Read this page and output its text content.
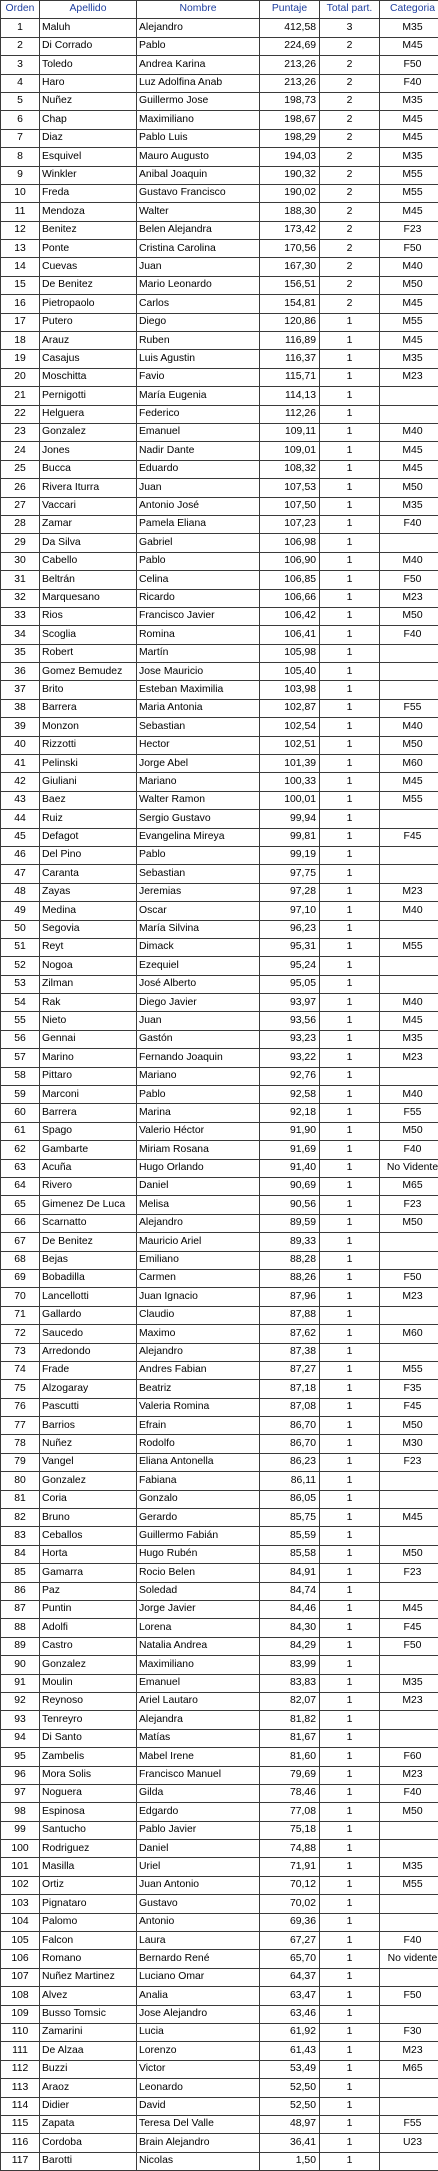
Orden	Apellido	Nombre	Puntaje	Total part.	Categoria
1	Maluh	Alejandro	412,58	3	M35
2	Di Corrado	Pablo	224,69	2	M45
3	Toledo	Andrea Karina	213,26	2	F50
4	Haro	Luz Adolfina Anab	213,26	2	F40
5	Nuñez	Guillermo Jose	198,73	2	M35
6	Chap	Maximiliano	198,67	2	M45
7	Diaz	Pablo Luis	198,29	2	M45
8	Esquivel	Mauro Augusto	194,03	2	M35
9	Winkler	Anibal Joaquin	190,32	2	M55
10	Freda	Gustavo Francisco	190,02	2	M55
11	Mendoza	Walter	188,30	2	M45
12	Benitez	Belen Alejandra	173,42	2	F23
13	Ponte	Cristina Carolina	170,56	2	F50
14	Cuevas	Juan	167,30	2	M40
15	De Benitez	Mario Leonardo	156,51	2	M50
16	Pietropaolo	Carlos	154,81	2	M45
17	Putero	Diego	120,86	1	M55
18	Arauz	Ruben	116,89	1	M45
19	Casajus	Luis Agustin	116,37	1	M35
20	Moschitta	Favio	115,71	1	M23
21	Pernigotti	María Eugenia	114,13	1	
22	Helguera	Federico	112,26	1	
23	Gonzalez	Emanuel	109,11	1	M40
24	Jones	Nadir Dante	109,01	1	M45
25	Bucca	Eduardo	108,32	1	M45
26	Rivera Iturra	Juan	107,53	1	M50
27	Vaccari	Antonio José	107,50	1	M35
28	Zamar	Pamela Eliana	107,23	1	F40
29	Da Silva	Gabriel	106,98	1	
30	Cabello	Pablo	106,90	1	M40
31	Beltrán	Celina	106,85	1	F50
32	Marquesano	Ricardo	106,66	1	M23
33	Rios	Francisco Javier	106,42	1	M50
34	Scoglia	Romina	106,41	1	F40
35	Robert	Martín	105,98	1	
36	Gomez Bemudez	Jose Mauricio	105,40	1	
37	Brito	Esteban Maximilia	103,98	1	
38	Barrera	Maria Antonia	102,87	1	F55
39	Monzon	Sebastian	102,54	1	M40
40	Rizzotti	Hector	102,51	1	M50
41	Pelinski	Jorge Abel	101,39	1	M60
42	Giuliani	Mariano	100,33	1	M45
43	Baez	Walter Ramon	100,01	1	M55
44	Ruiz	Sergio Gustavo	99,94	1	
45	Defagot	Evangelina Mireya	99,81	1	F45
46	Del Pino	Pablo	99,19	1	
47	Caranta	Sebastian	97,75	1	
48	Zayas	Jeremias	97,28	1	M23
49	Medina	Oscar	97,10	1	M40
50	Segovia	María Silvina	96,23	1	
51	Reyt	Dimack	95,31	1	M55
52	Nogoa	Ezequiel	95,24	1	
53	Zilman	José Alberto	95,05	1	
54	Rak	Diego Javier	93,97	1	M40
55	Nieto	Juan	93,56	1	M45
56	Gennai	Gastón	93,23	1	M35
57	Marino	Fernando Joaquin	93,22	1	M23
58	Pittaro	Mariano	92,76	1	
59	Marconi	Pablo	92,58	1	M40
60	Barrera	Marina	92,18	1	F55
61	Spago	Valerio Héctor	91,90	1	M50
62	Gambarte	Miriam Rosana	91,69	1	F40
63	Acuña	Hugo Orlando	91,40	1	No Vidente
64	Rivero	Daniel	90,69	1	M65
65	Gimenez De Luca	Melisa	90,56	1	F23
66	Scarnatto	Alejandro	89,59	1	M50
67	De Benitez	Mauricio Ariel	89,33	1	
68	Bejas	Emiliano	88,28	1	
69	Bobadilla	Carmen	88,26	1	F50
70	Lancellotti	Juan Ignacio	87,96	1	M23
71	Gallardo	Claudio	87,88	1	
72	Saucedo	Maximo	87,62	1	M60
73	Arredondo	Alejandro	87,38	1	
74	Frade	Andres Fabian	87,27	1	M55
75	Alzogaray	Beatriz	87,18	1	F35
76	Pascutti	Valeria Romina	87,08	1	F45
77	Barrios	Efrain	86,70	1	M50
78	Nuñez	Rodolfo	86,70	1	M30
79	Vangel	Eliana Antonella	86,23	1	F23
80	Gonzalez	Fabiana	86,11	1	
81	Coria	Gonzalo	86,05	1	
82	Bruno	Gerardo	85,75	1	M45
83	Ceballos	Guillermo Fabián	85,59	1	
84	Horta	Hugo Rubén	85,58	1	M50
85	Gamarra	Rocio Belen	84,91	1	F23
86	Paz	Soledad	84,74	1	
87	Puntin	Jorge Javier	84,46	1	M45
88	Adolfi	Lorena	84,30	1	F45
89	Castro	Natalia Andrea	84,29	1	F50
90	Gonzalez	Maximiliano	83,99	1	
91	Moulin	Emanuel	83,83	1	M35
92	Reynoso	Ariel Lautaro	82,07	1	M23
93	Tenreyro	Alejandra	81,82	1	
94	Di Santo	Matías	81,67	1	
95	Zambelis	Mabel Irene	81,60	1	F60
96	Mora Solis	Francisco Manuel	79,69	1	M23
97	Noguera	Gilda	78,46	1	F40
98	Espinosa	Edgardo	77,08	1	M50
99	Santucho	Pablo Javier	75,18	1	
100	Rodriguez	Daniel	74,88	1	
101	Masilla	Uriel	71,91	1	M35
102	Ortiz	Juan Antonio	70,12	1	M55
103	Pignataro	Gustavo	70,02	1	
104	Palomo	Antonio	69,36	1	
105	Falcon	Laura	67,27	1	F40
106	Romano	Bernardo René	65,70	1	No vidente
107	Nuñez Martinez	Luciano Omar	64,37	1	
108	Alvez	Analia	63,47	1	F50
109	Busso Tomsic	Jose Alejandro	63,46	1	
110	Zamarini	Lucia	61,92	1	F30
111	De Alzaa	Lorenzo	61,43	1	M23
112	Buzzi	Victor	53,49	1	M65
113	Araoz	Leonardo	52,50	1	
114	Didier	David	52,50	1	
115	Zapata	Teresa Del Valle	48,97	1	F55
116	Cordoba	Brain Alejandro	36,41	1	U23
117	Barotti	Nicolas	1,50	1	
